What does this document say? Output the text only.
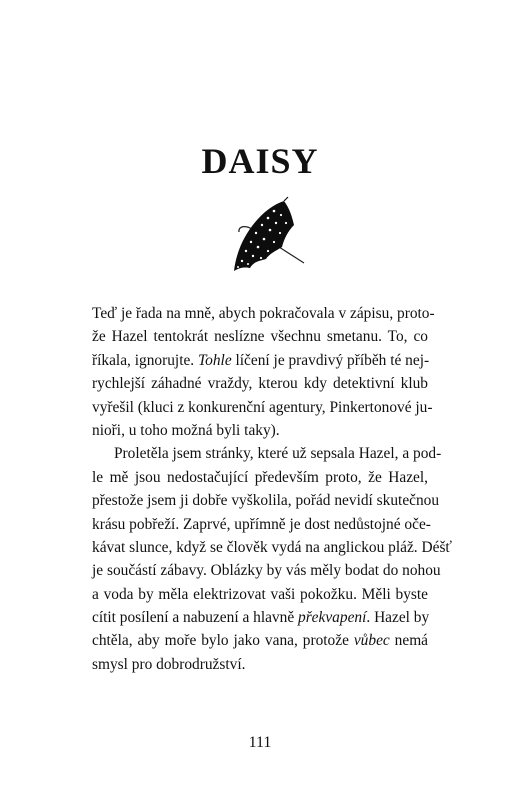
DAISY
Teď je řada na mně, abych pokračovala v zápisu, proto-
že Hazel tentokrát neslízne všechnu smetanu. To, co
říkala, ignorujte. Tohle líčení je pravdivý příběh té nej-
rychlejší záhadné vraždy, kterou kdy detektivní klub
vyřešil (kluci z konkurenční agentury, Pinkertonové ju-
nioři, u toho možná byli taky).
Proletěla jsem stránky, které už sepsala Hazel, a pod-
le mě jsou nedostačující především proto, že Hazel,
přestože jsem ji dobře vyškolila, pořád nevidí skutečnou
krásu pobřeží. Zaprvé, upřímně je dost nedůstojné oče-
kávat slunce, když se člověk vydá na anglickou pláž. Déšť
je součástí zábavy. Oblázky by vás měly bodat do nohou
a voda by měla elektrizovat vaši pokožku. Měli byste
cítit posílení a nabuzení a hlavně překvapení. Hazel by
chtěla, aby moře bylo jako vana, protože vůbec nemá
smysl pro dobrodružství.
111
